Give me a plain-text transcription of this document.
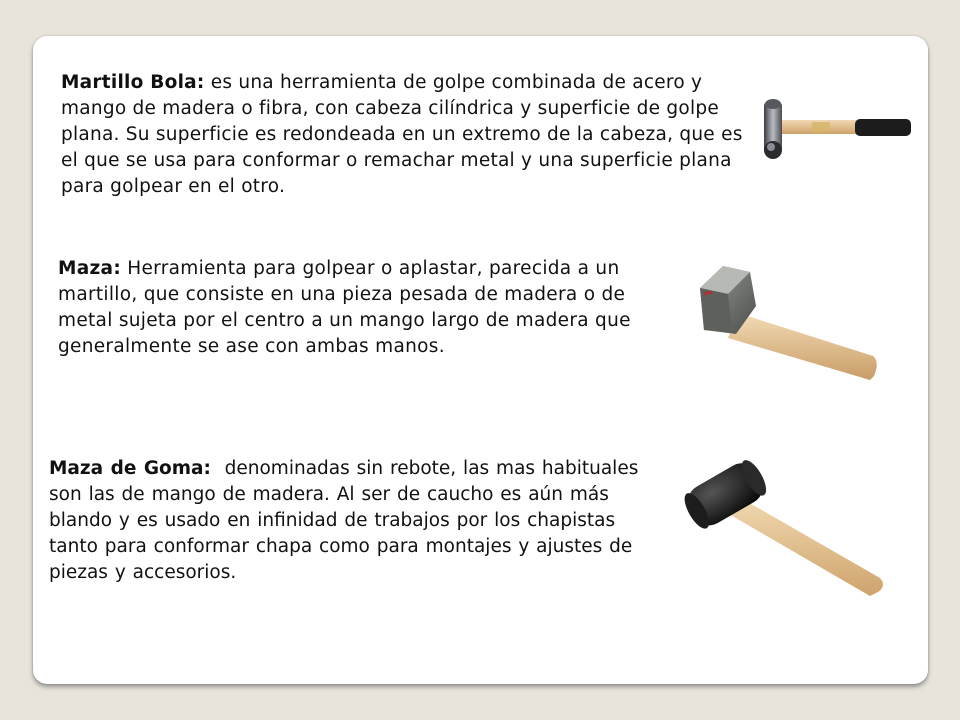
Martillo Bola: es una herramienta de golpe combinada de acero y mango de madera o fibra, con cabeza cilíndrica y superficie de golpe plana. Su superficie es redondeada en un extremo de la cabeza, que es el que se usa para conformar o remachar metal y una superficie plana para golpear en el otro.
Maza: Herramienta para golpear o aplastar, parecida a un martillo, que consiste en una pieza pesada de madera o de metal sujeta por el centro a un mango largo de madera que generalmente se ase con ambas manos.
Maza de Goma:  denominadas sin rebote, las mas habituales son las de mango de madera. Al ser de caucho es aún más blando y es usado en infinidad de trabajos por los chapistas tanto para conformar chapa como para montajes y ajustes de piezas y accesorios.
